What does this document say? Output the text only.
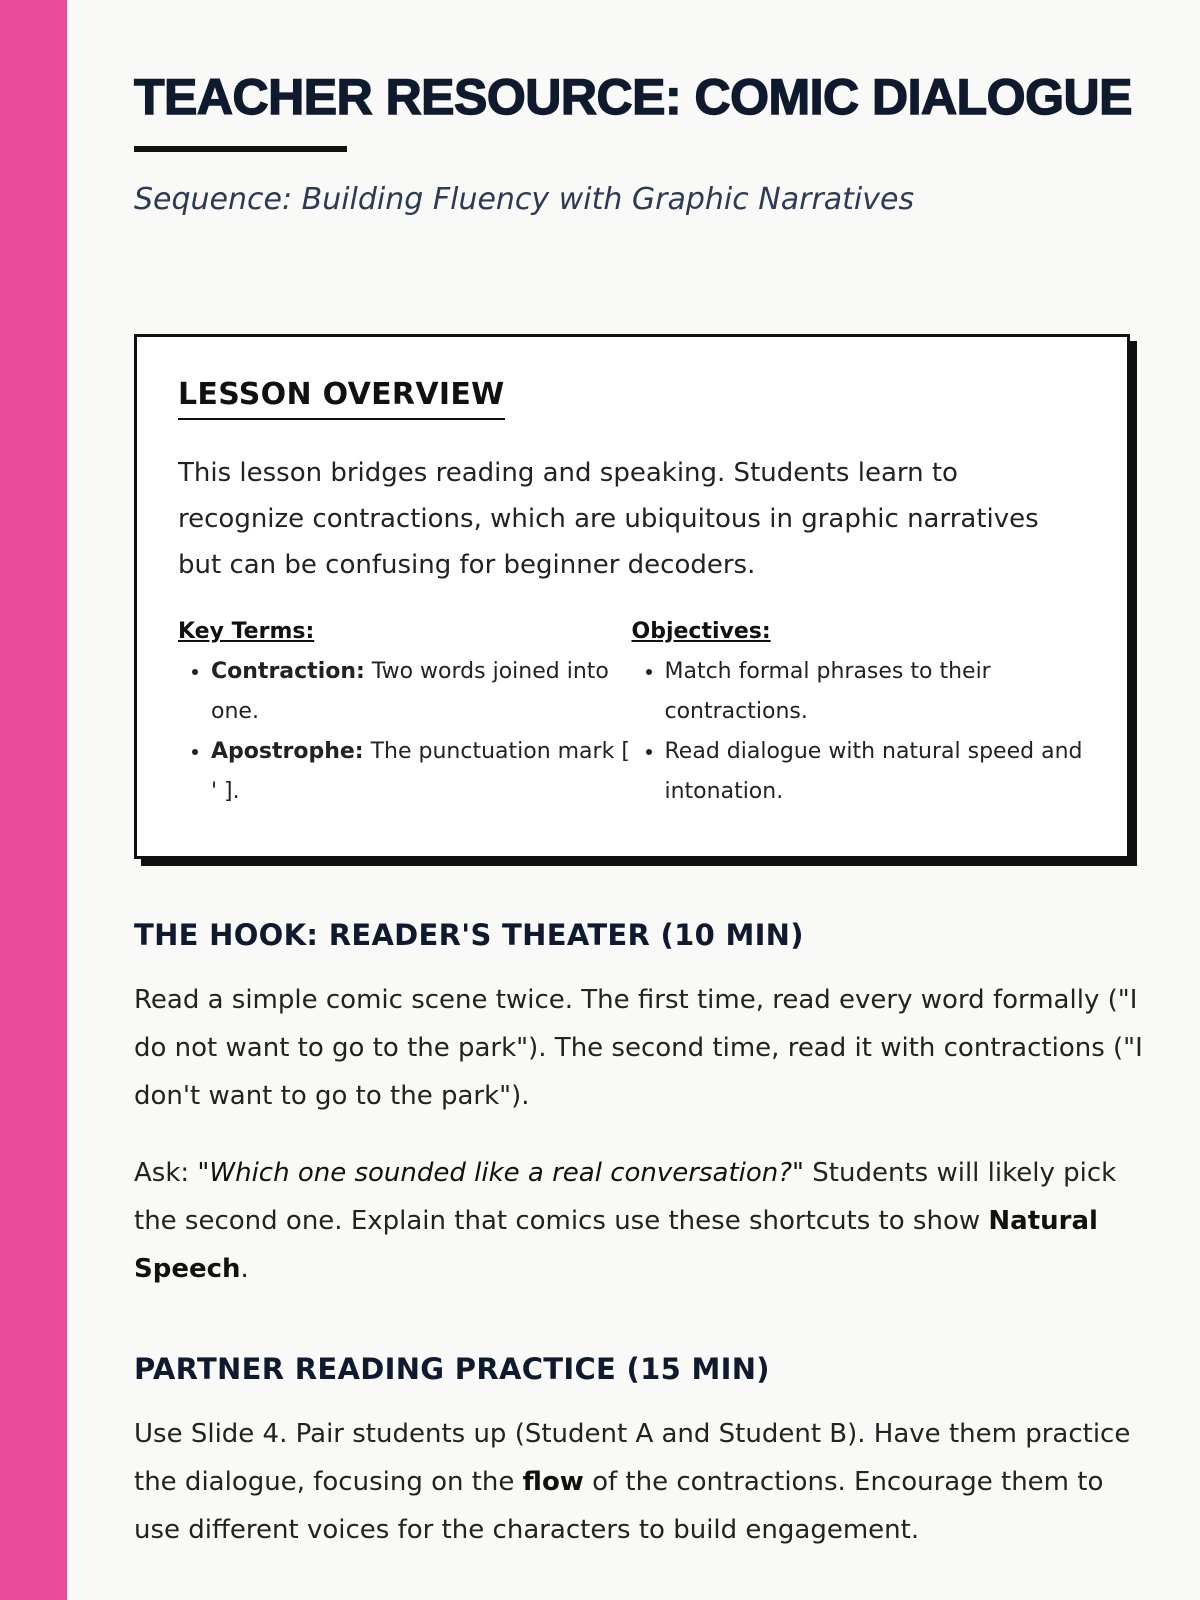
TEACHER RESOURCE: COMIC DIALOGUE
Sequence: Building Fluency with Graphic Narratives
LESSON OVERVIEW

This lesson bridges reading and speaking. Students learn to recognize contractions, which are ubiquitous in graphic narratives but can be confusing for beginner decoders.

Key Terms:
• Contraction: Two words joined into one.
• Apostrophe: The punctuation mark [ ' ].
Objectives:
• Match formal phrases to their contractions.
• Read dialogue with natural speed and intonation.
THE HOOK: READER'S THEATER (10 MIN)

Read a simple comic scene twice. The first time, read every word formally ("I do not want to go to the park"). The second time, read it with contractions ("I don't want to go to the park").

Ask: "Which one sounded like a real conversation?" Students will likely pick the second one. Explain that comics use these shortcuts to show Natural Speech.

PARTNER READING PRACTICE (15 MIN)

Use Slide 4. Pair students up (Student A and Student B). Have them practice the dialogue, focusing on the flow of the contractions. Encourage them to use different voices for the characters to build engagement.
